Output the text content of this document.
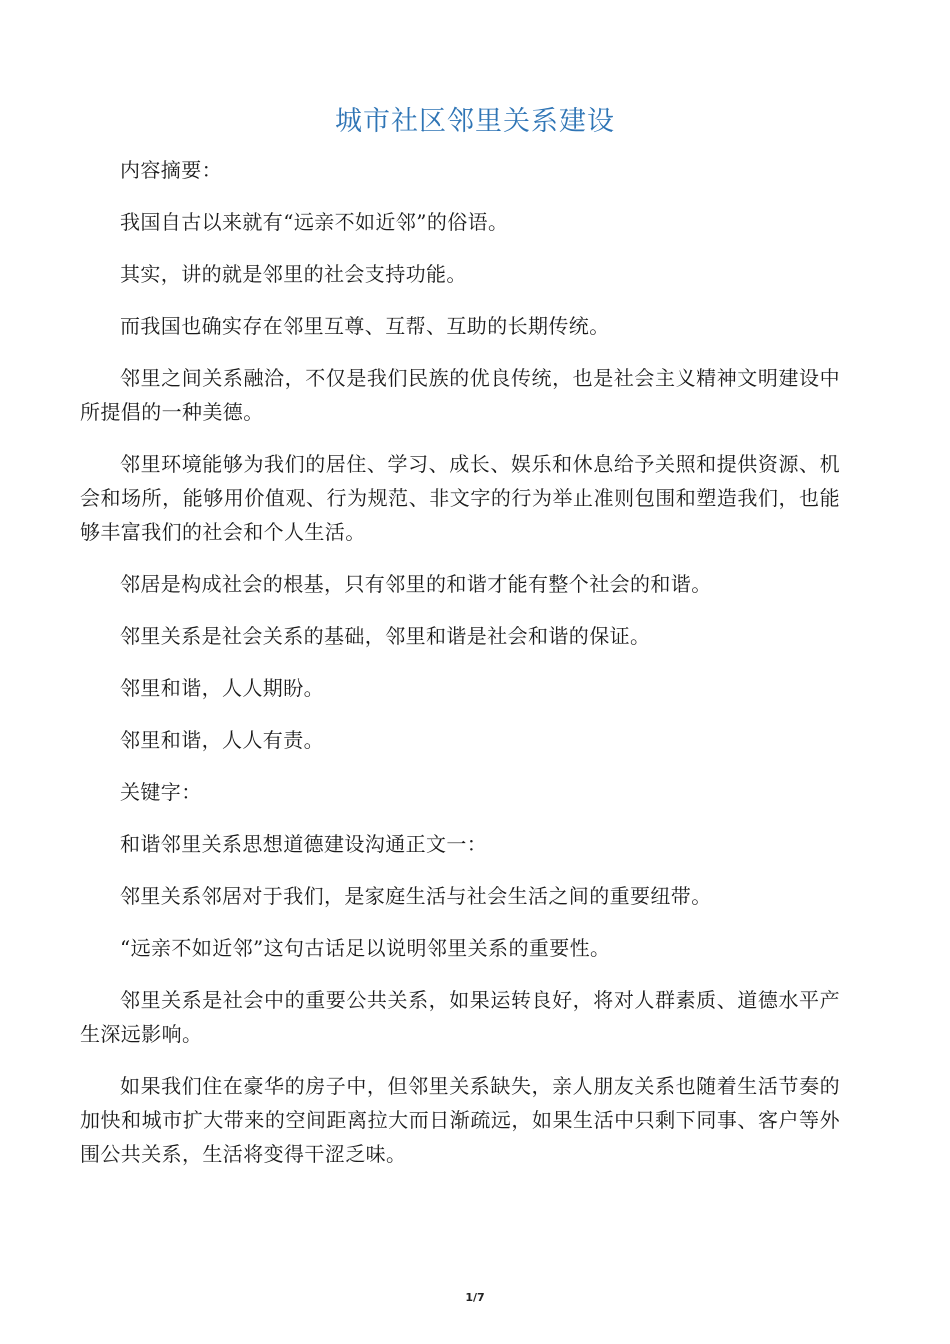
城市社区邻里关系建设

内容摘要：

我国自古以来就有“远亲不如近邻”的俗语。

其实，讲的就是邻里的社会支持功能。

而我国也确实存在邻里互尊、互帮、互助的长期传统。

邻里之间关系融洽，不仅是我们民族的优良传统，也是社会主义精神文明建设中所提倡的一种美德。

邻里环境能够为我们的居住、学习、成长、娱乐和休息给予关照和提供资源、机会和场所，能够用价值观、行为规范、非文字的行为举止准则包围和塑造我们，也能够丰富我们的社会和个人生活。

邻居是构成社会的根基，只有邻里的和谐才能有整个社会的和谐。

邻里关系是社会关系的基础，邻里和谐是社会和谐的保证。

邻里和谐，人人期盼。

邻里和谐，人人有责。

关键字：

和谐邻里关系思想道德建设沟通正文一：

邻里关系邻居对于我们，是家庭生活与社会生活之间的重要纽带。

“远亲不如近邻”这句古话足以说明邻里关系的重要性。

邻里关系是社会中的重要公共关系，如果运转良好，将对人群素质、道德水平产生深远影响。

如果我们住在豪华的房子中，但邻里关系缺失，亲人朋友关系也随着生活节奏的加快和城市扩大带来的空间距离拉大而日渐疏远，如果生活中只剩下同事、客户等外围公共关系，生活将变得干涩乏味。

1/7
